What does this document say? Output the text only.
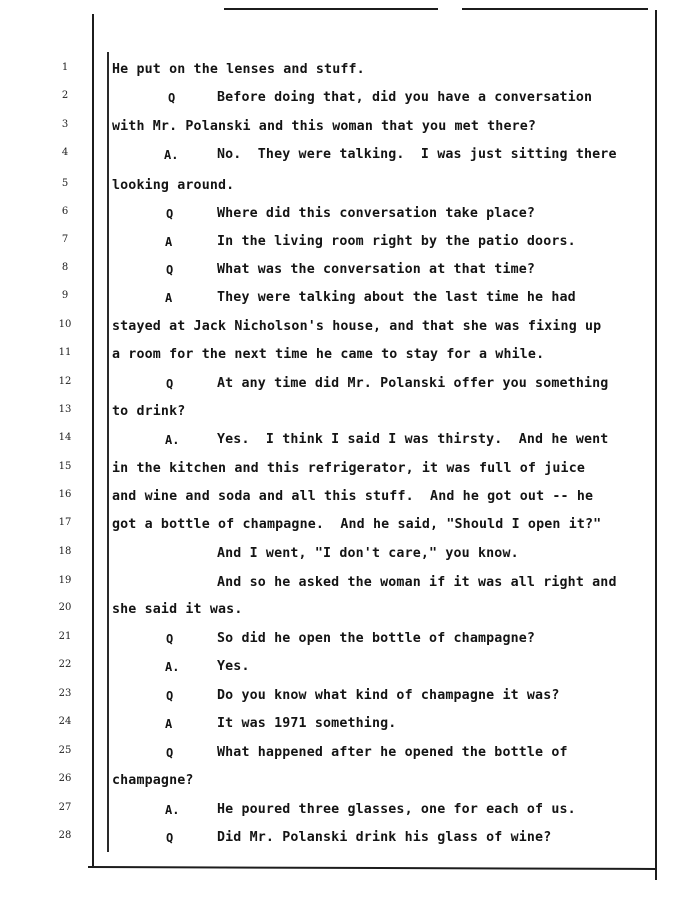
1	He put on the lenses and stuff.
2	Q	Before doing that, did you have a conversation
3	with Mr. Polanski and this woman that you met there?
4	A.	No.  They were talking.  I was just sitting there
5	looking around.
6	Q	Where did this conversation take place?
7	A	In the living room right by the patio doors.
8	Q	What was the conversation at that time?
9	A	They were talking about the last time he had
10	stayed at Jack Nicholson's house, and that she was fixing up
11	a room for the next time he came to stay for a while.
12	Q	At any time did Mr. Polanski offer you something
13	to drink?
14	A.	Yes.  I think I said I was thirsty.  And he went
15	in the kitchen and this refrigerator, it was full of juice
16	and wine and soda and all this stuff.  And he got out -- he
17	got a bottle of champagne.  And he said, "Should I open it?"
18	And I went, "I don't care," you know.
19	And so he asked the woman if it was all right and
20	she said it was.
21	Q	So did he open the bottle of champagne?
22	A.	Yes.
23	Q	Do you know what kind of champagne it was?
24	A	It was 1971 something.
25	Q	What happened after he opened the bottle of
26	champagne?
27	A.	He poured three glasses, one for each of us.
28	Q	Did Mr. Polanski drink his glass of wine?
